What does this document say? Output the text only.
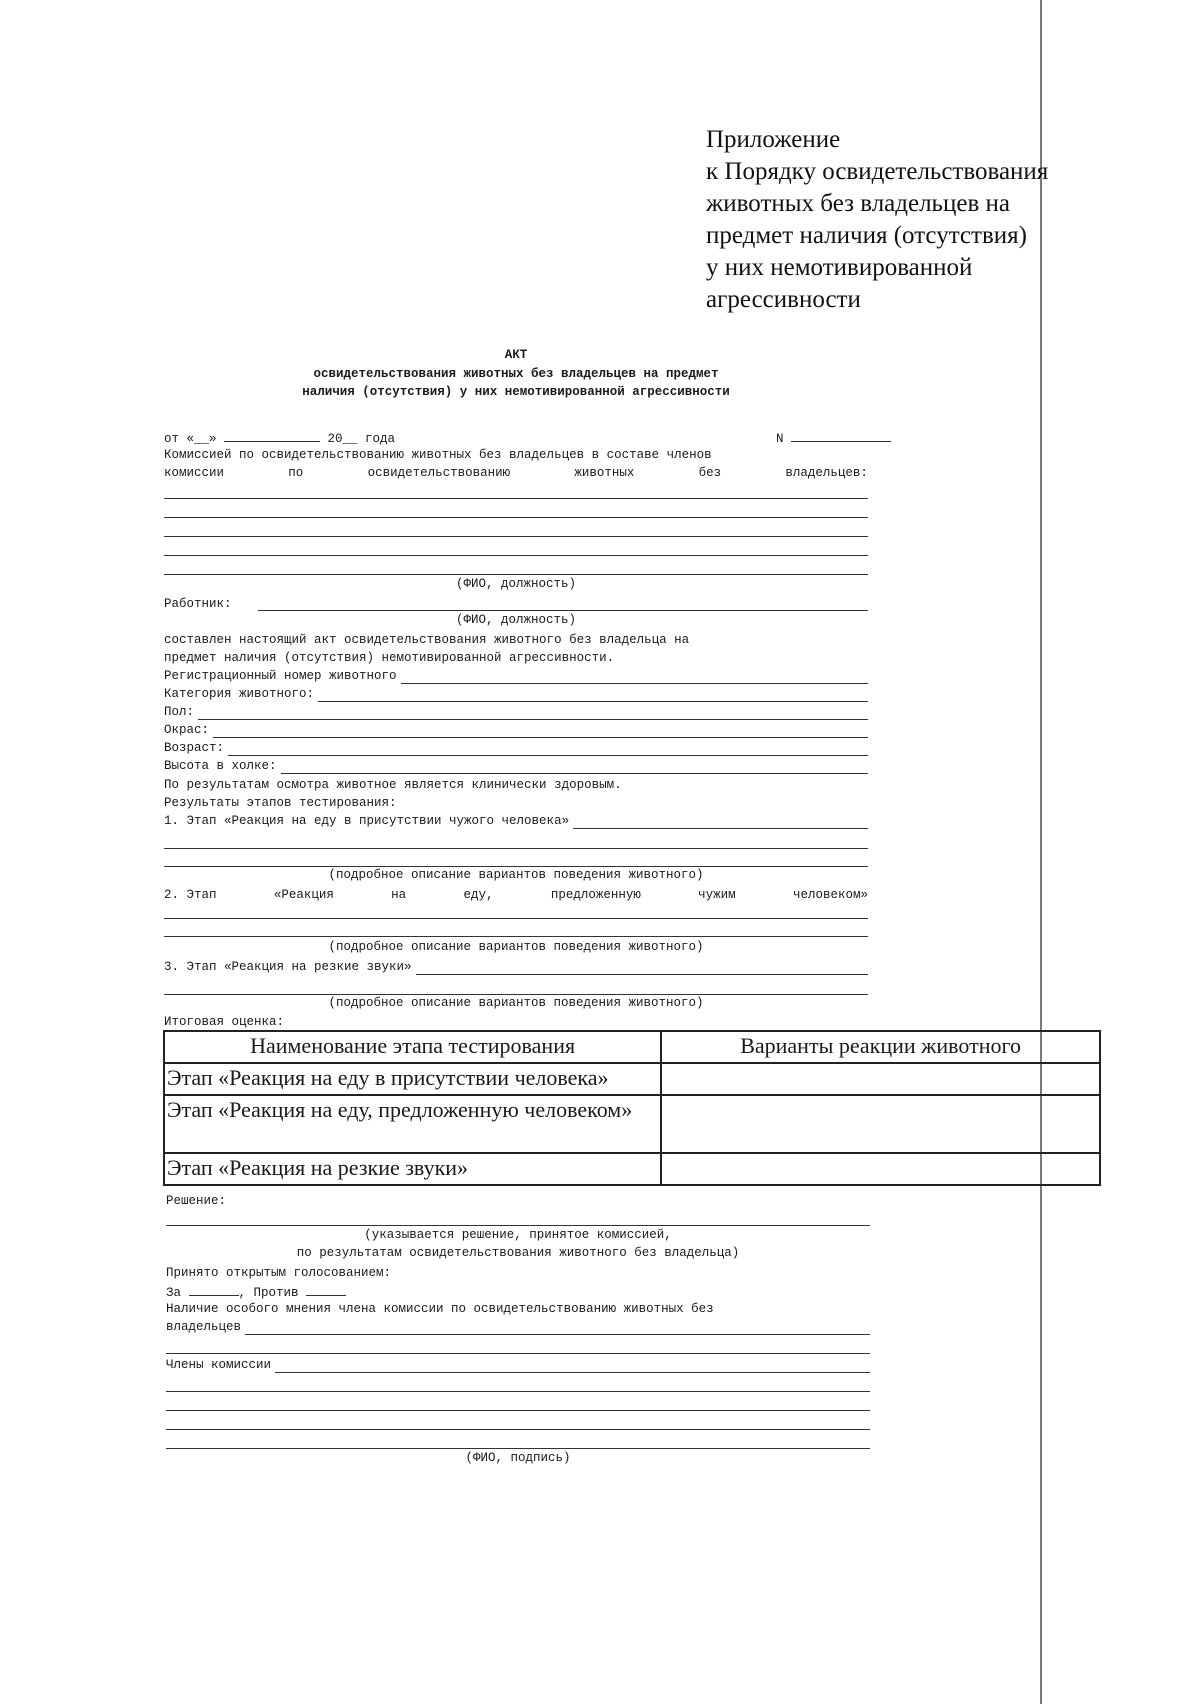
Приложение
к Порядку освидетельствования
животных без владельцев на
предмет наличия (отсутствия)
у них немотивированной
агрессивности
АКТ
освидетельствования животных без владельцев на предмет
наличия (отсутствия) у них немотивированной агрессивности
от «__»	20__ года	N
Комиссией по освидетельствованию животных без владельцев в составе членов
комиссии	по	освидетельствованию	животных	без	владельцев:
(ФИО, должность)
Работник:
(ФИО, должность)
составлен настоящий акт освидетельствования животного без владельца на
предмет наличия (отсутствия) немотивированной агрессивности.
Регистрационный номер животного
Категория животного:
Пол:
Окрас:
Возраст:
Высота в холке:
По результатам осмотра животное является клинически здоровым.
Результаты этапов тестирования:
1. Этап «Реакция на еду в присутствии чужого человека»
(подробное описание вариантов поведения животного)
2. Этап	«Реакция	на	еду,	предложенную	чужим	человеком»
(подробное описание вариантов поведения животного)
3. Этап «Реакция на резкие звуки»
(подробное описание вариантов поведения животного)
Итоговая оценка:
Наименование этапа тестирования	Варианты реакции животного
Этап «Реакция на еду в присутствии человека»	
Этап «Реакция на еду, предложенную человеком»	
Этап «Реакция на резкие звуки»	
Решение:
(указывается решение, принятое комиссией,
по результатам освидетельствования животного без владельца)
Принято открытым голосованием:
За	, Против
Наличие особого мнения члена комиссии по освидетельствованию животных без
владельцев
Члены комиссии
(ФИО, подпись)
